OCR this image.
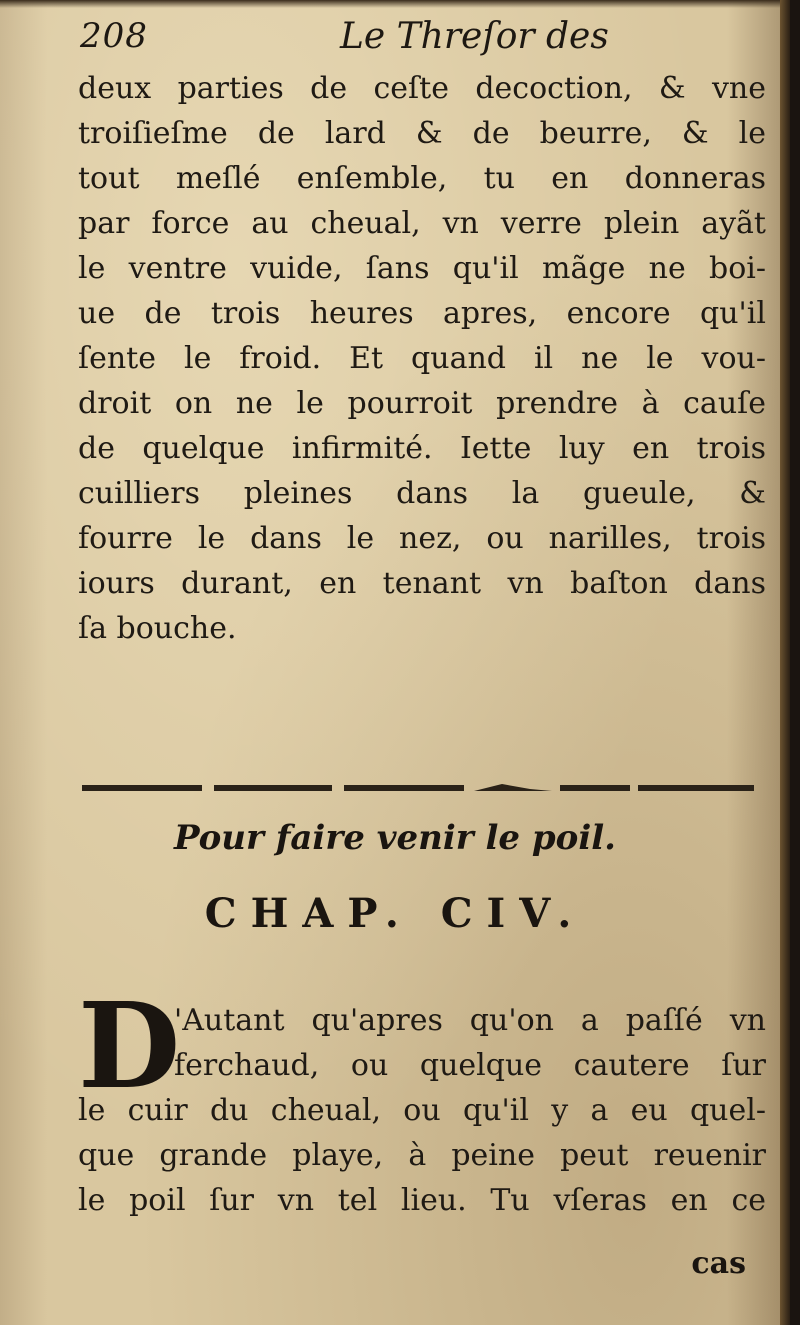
208	Le Threſor des
deux parties de ceſte decoction, & vne
troiſieſme de lard & de beurre, & le
tout meſlé enſemble, tu en donneras
par force au cheual, vn verre plein ayãt
le ventre vuide, ſans qu'il mãge ne boi-
ue de trois heures apres, encore qu'il
ſente le froid. Et quand il ne le vou-
droit on ne le pourroit prendre à cauſe
de quelque infirmité. Iette luy en trois
cuilliers pleines dans la gueule, &
fourre le dans le nez, ou narilles, trois
iours durant, en tenant vn baſton dans
ſa bouche.
Pour faire venir le poil.
CHAP. CIV.
D
'Autant qu'apres qu'on a paſſé vn
ferchaud, ou quelque cautere ſur
le cuir du cheual, ou qu'il y a eu quel-
que grande playe, à peine peut reuenir
le poil ſur vn tel lieu. Tu vſeras en ce
cas
